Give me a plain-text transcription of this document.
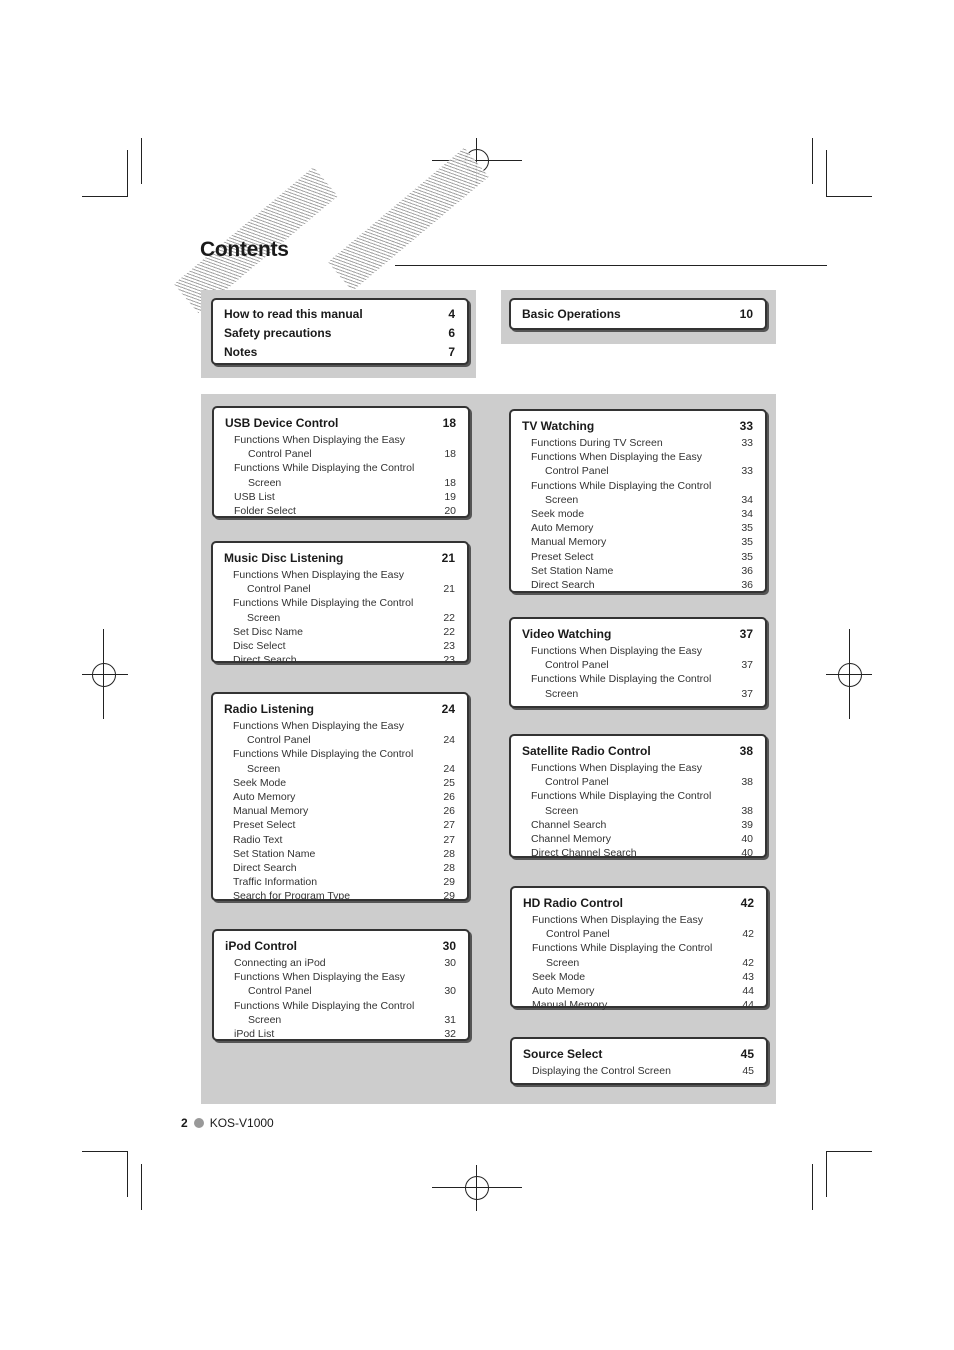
Contents
How to read this manual	4
Safety precautions	6
Notes	7
Basic Operations	10
USB Device Control	18
Functions When Displaying the Easy
Control Panel	18
Functions While Displaying the Control
Screen	18
USB List	19
Folder Select	20
Music Disc Listening	21
Functions When Displaying the Easy
Control Panel	21
Functions While Displaying the Control
Screen	22
Set Disc Name	22
Disc Select	23
Direct Search	23
Radio Listening	24
Functions When Displaying the Easy
Control Panel	24
Functions While Displaying the Control
Screen	24
Seek Mode	25
Auto Memory	26
Manual Memory	26
Preset Select	27
Radio Text	27
Set Station Name	28
Direct Search	28
Traffic Information	29
Search for Program Type	29
iPod Control	30
Connecting an iPod	30
Functions When Displaying the Easy
Control Panel	30
Functions While Displaying the Control
Screen	31
iPod List	32
TV Watching	33
Functions During TV Screen	33
Functions When Displaying the Easy
Control Panel	33
Functions While Displaying the Control
Screen	34
Seek mode	34
Auto Memory	35
Manual Memory	35
Preset Select	35
Set Station Name	36
Direct Search	36
Video Watching	37
Functions When Displaying the Easy
Control Panel	37
Functions While Displaying the Control
Screen	37
Satellite Radio Control	38
Functions When Displaying the Easy
Control Panel	38
Functions While Displaying the Control
Screen	38
Channel Search	39
Channel Memory	40
Direct Channel Search	40
HD Radio Control	42
Functions When Displaying the Easy
Control Panel	42
Functions While Displaying the Control
Screen	42
Seek Mode	43
Auto Memory	44
Manual Memory	44
Source Select	45
Displaying the Control Screen	45
2 KOS-V1000
